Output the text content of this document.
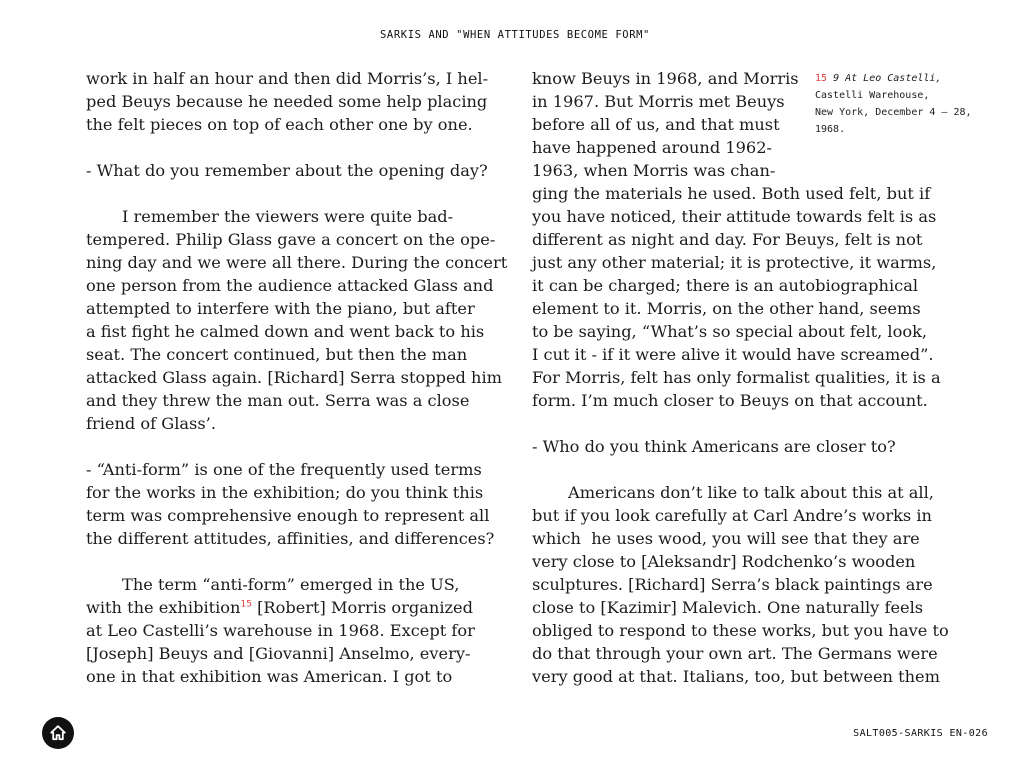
SARKIS AND "WHEN ATTITUDES BECOME FORM"
work in half an hour and then did Morris’s, I hel-
ped Beuys because he needed some help placing
the felt pieces on top of each other one by one.
- What do you remember about the opening day?
I remember the viewers were quite bad-
tempered. Philip Glass gave a concert on the ope-
ning day and we were all there. During the concert
one person from the audience attacked Glass and
attempted to interfere with the piano, but after
a fist fight he calmed down and went back to his
seat. The concert continued, but then the man
attacked Glass again. [Richard] Serra stopped him
and they threw the man out. Serra was a close
friend of Glass’.
- “Anti-form” is one of the frequently used terms
for the works in the exhibition; do you think this
term was comprehensive enough to represent all
the different attitudes, affinities, and differences?
The term “anti-form” emerged in the US,
with the exhibition$^{15}$ [Robert] Morris organized
at Leo Castelli’s warehouse in 1968. Except for
[Joseph] Beuys and [Giovanni] Anselmo, every-
one in that exhibition was American. I got to
know Beuys in 1968, and Morris
in 1967. But Morris met Beuys
before all of us, and that must
have happened around 1962-
1963, when Morris was chan-
ging the materials he used. Both used felt, but if
you have noticed, their attitude towards felt is as
different as night and day. For Beuys, felt is not
just any other material; it is protective, it warms,
it can be charged; there is an autobiographical
element to it. Morris, on the other hand, seems
to be saying, “What’s so special about felt, look,
I cut it - if it were alive it would have screamed”.
For Morris, felt has only formalist qualities, it is a
form. I’m much closer to Beuys on that account.
- Who do you think Americans are closer to?
Americans don’t like to talk about this at all,
but if you look carefully at Carl Andre’s works in
which  he uses wood, you will see that they are
very close to [Aleksandr] Rodchenko’s wooden
sculptures. [Richard] Serra’s black paintings are
close to [Kazimir] Malevich. One naturally feels
obliged to respond to these works, but you have to
do that through your own art. The Germans were
very good at that. Italians, too, but between them
15 9 At Leo Castelli,
Castelli Warehouse,
New York, December 4 – 28,
1968.
SALT005-SARKIS EN-026
